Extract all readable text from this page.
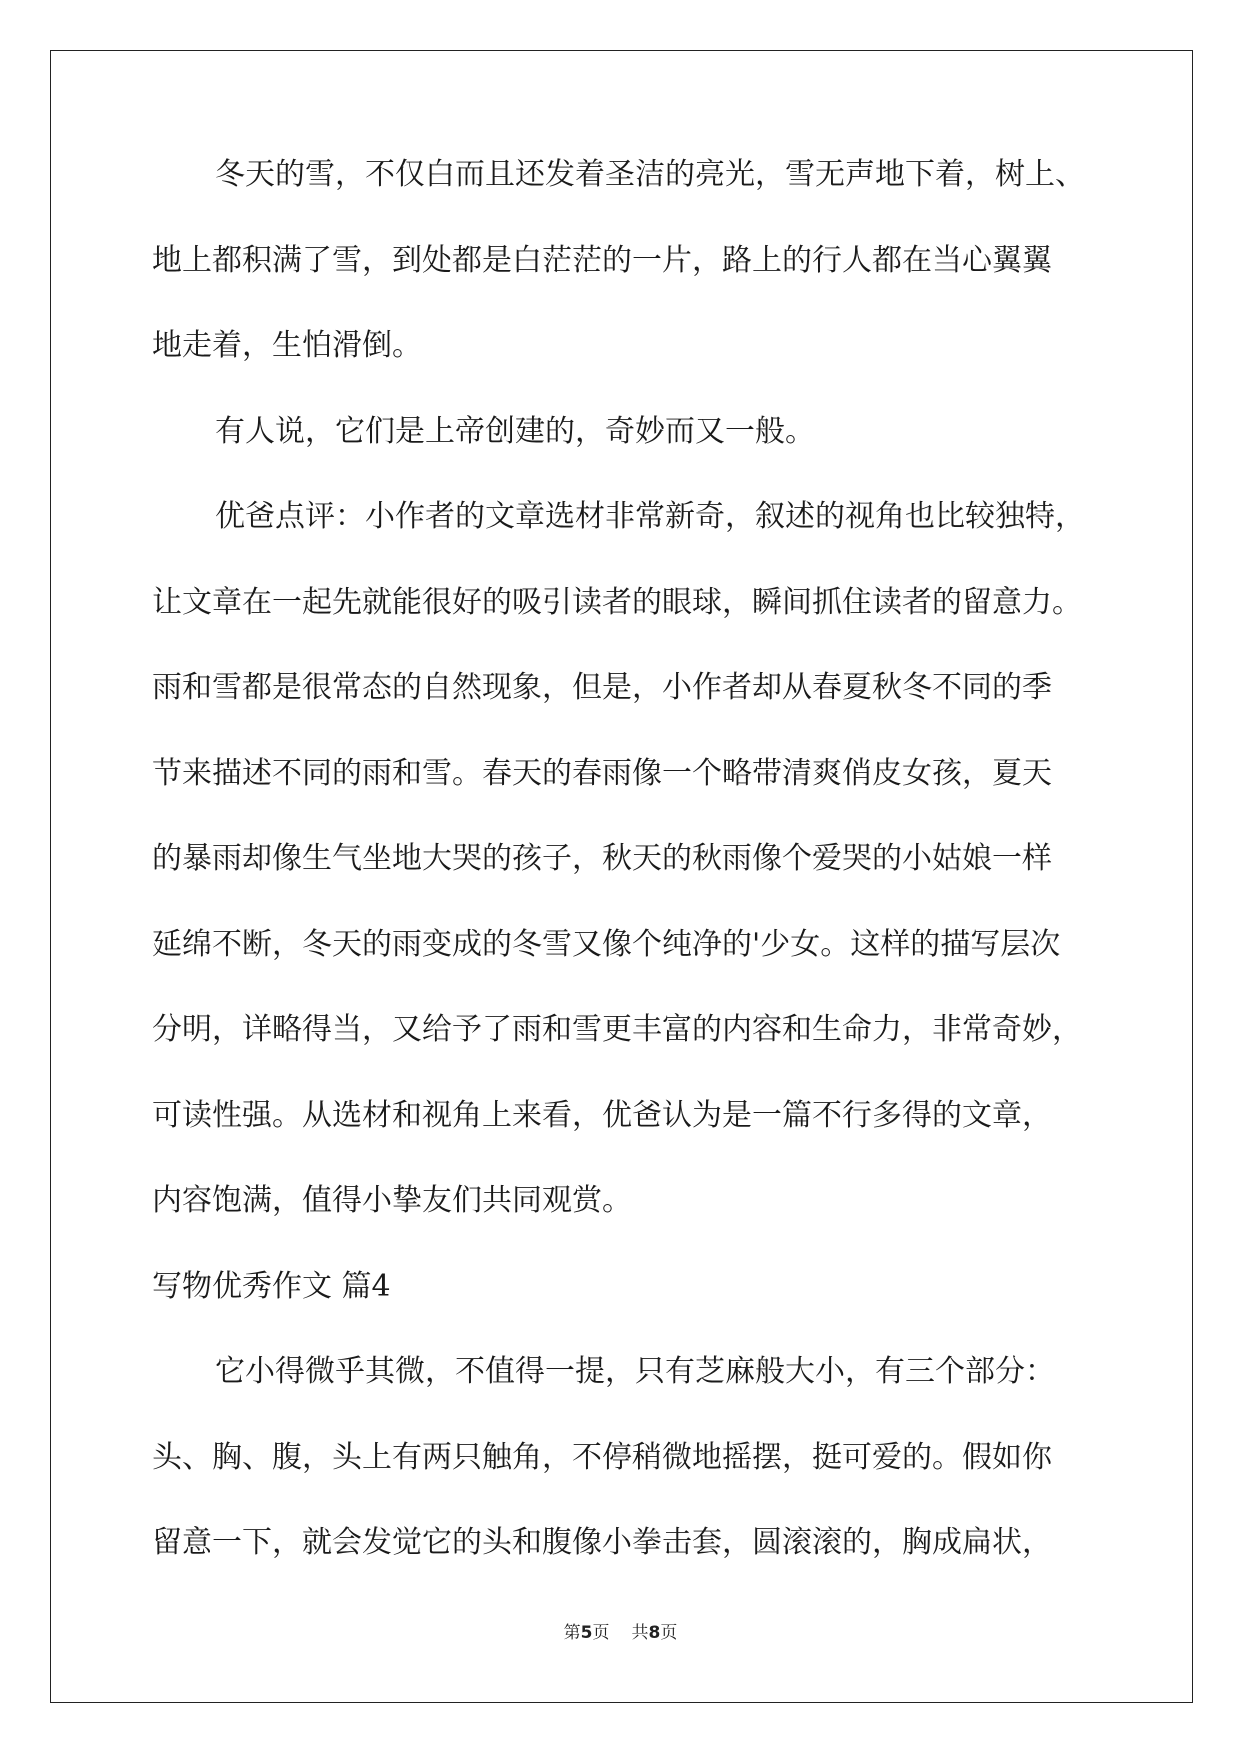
冬天的雪，不仅白而且还发着圣洁的亮光，雪无声地下着，树上、
地上都积满了雪，到处都是白茫茫的一片，路上的行人都在当心翼翼
地走着，生怕滑倒。
有人说，它们是上帝创建的，奇妙而又一般。
优爸点评：小作者的文章选材非常新奇，叙述的视角也比较独特，
让文章在一起先就能很好的吸引读者的眼球，瞬间抓住读者的留意力。
雨和雪都是很常态的自然现象，但是，小作者却从春夏秋冬不同的季
节来描述不同的雨和雪。春天的春雨像一个略带清爽俏皮女孩，夏天
的暴雨却像生气坐地大哭的孩子，秋天的秋雨像个爱哭的小姑娘一样
延绵不断，冬天的雨变成的冬雪又像个纯净的'少女。这样的描写层次
分明，详略得当，又给予了雨和雪更丰富的内容和生命力，非常奇妙，
可读性强。从选材和视角上来看，优爸认为是一篇不行多得的文章，
内容饱满，值得小挚友们共同观赏。
写物优秀作文 篇4
它小得微乎其微，不值得一提，只有芝麻般大小，有三个部分：
头、胸、腹，头上有两只触角，不停稍微地摇摆，挺可爱的。假如你
留意一下，就会发觉它的头和腹像小拳击套，圆滚滚的，胸成扁状，
第5页 共8页
